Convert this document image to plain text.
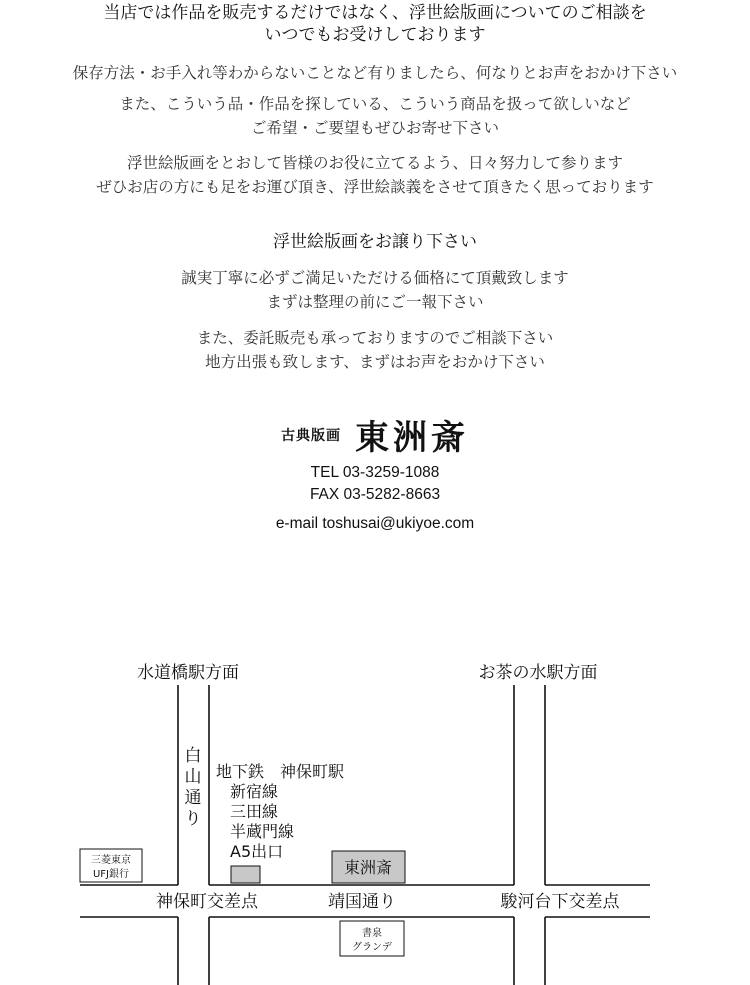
当店では作品を販売するだけではなく、浮世絵版画についてのご相談を
いつでもお受けしております
保存方法・お手入れ等わからないことなど有りましたら、何なりとお声をおかけ下さい
また、こういう品・作品を探している、こういう商品を扱って欲しいなど
ご希望・ご要望もぜひお寄せ下さい
浮世絵版画をとおして皆様のお役に立てるよう、日々努力して参ります
ぜひお店の方にも足をお運び頂き、浮世絵談義をさせて頂きたく思っております
浮世絵版画をお譲り下さい
誠実丁寧に必ずご満足いただける価格にて頂戴致します
まずは整理の前にご一報下さい
また、委託販売も承っておりますのでご相談下さい
地方出張も致します、まずはお声をおかけ下さい
古典版画 東洲斎
TEL 03-3259-1088
FAX 03-5282-8663
e-mail toshusai@ukiyoe.com
水道橋駅方面	お茶の水駅方面
白
山
通
り
地下鉄　神保町駅
新宿線
三田線
半蔵門線
A5出口
三菱東京
UFJ銀行	東洲斎
神保町交差点	靖国通り	駿河台下交差点
書泉
グランデ
